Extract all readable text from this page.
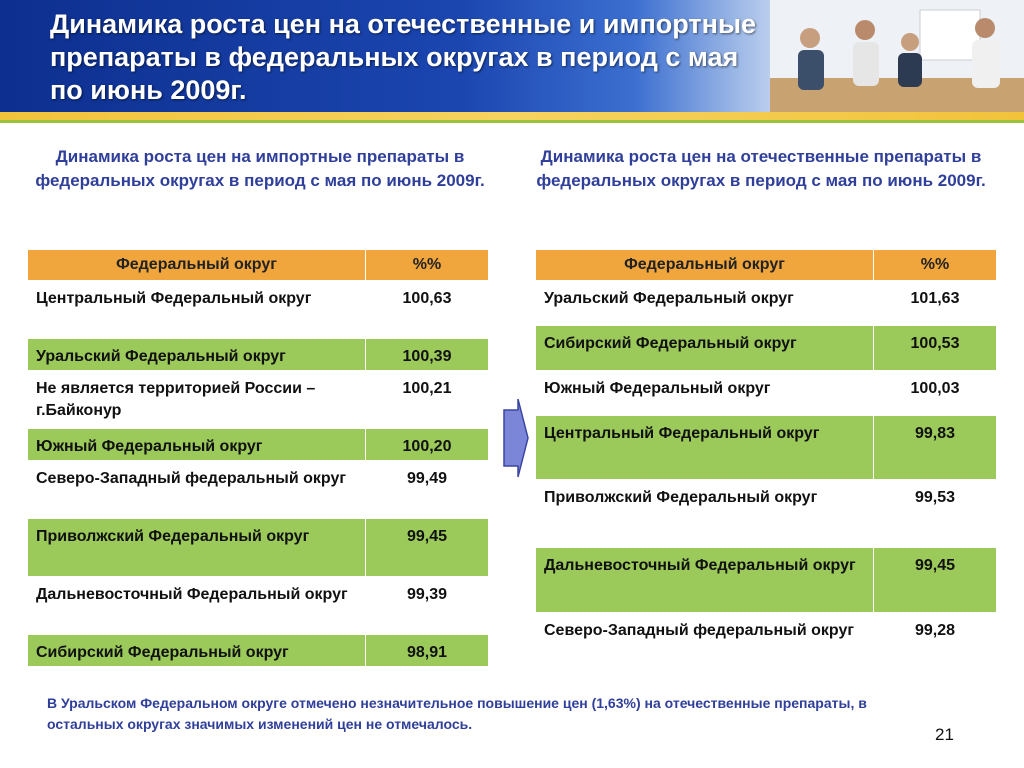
Динамика роста цен на отечественные и импортные препараты в федеральных округах в период с мая по июнь 2009г.
Динамика роста цен на импортные препараты в федеральных округах в период с мая по июнь 2009г.
Динамика роста цен на отечественные препараты в федеральных округах в период с мая по июнь 2009г.
Федеральный округ	%%
Центральный Федеральный округ	100,63
Уральский Федеральный округ	100,39
Не является территорией России – г.Байконур	100,21
Южный Федеральный округ	100,20
Северо-Западный федеральный округ	99,49
Приволжский Федеральный округ	99,45
Дальневосточный Федеральный округ	99,39
Сибирский Федеральный округ	98,91
Федеральный округ	%%
Уральский Федеральный округ	101,63
Сибирский Федеральный округ	100,53
Южный Федеральный округ	100,03
Центральный Федеральный округ	99,83
Приволжский Федеральный округ	99,53
Дальневосточный Федеральный округ	99,45
Северо-Западный федеральный округ	99,28
В Уральском Федеральном округе отмечено незначительное повышение цен (1,63%) на отечественные препараты, в остальных округах значимых изменений цен не отмечалось.
21
